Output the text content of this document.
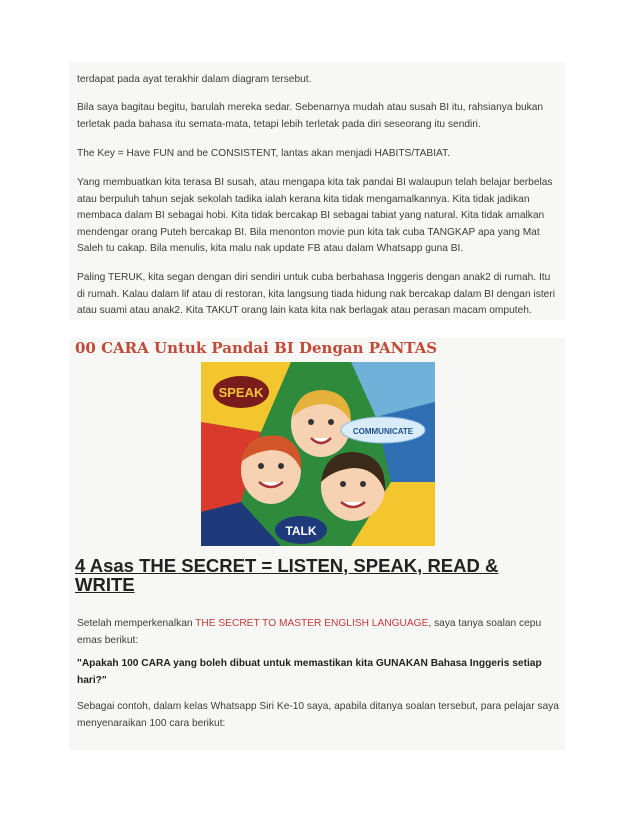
terdapat pada ayat terakhir dalam diagram tersebut.

Bila saya bagitau begitu, barulah mereka sedar. Sebenarnya mudah atau susah BI itu, rahsianya bukan terletak pada bahasa itu semata-mata, tetapi lebih terletak pada diri seseorang itu sendiri.

The Key = Have FUN and be CONSISTENT, lantas akan menjadi HABITS/TABIAT.

Yang membuatkan kita terasa BI susah, atau mengapa kita tak pandai BI walaupun telah belajar berbelas atau berpuluh tahun sejak sekolah tadika ialah kerana kita tidak mengamalkannya. Kita tidak jadikan membaca dalam BI sebagai hobi. Kita tidak bercakap BI sebagai tabiat yang natural. Kita tidak amalkan mendengar orang Puteh bercakap BI. Bila menonton movie pun kita tak cuba TANGKAP apa yang Mat Saleh tu cakap. Bila menulis, kita malu nak update FB atau dalam Whatsapp guna BI.

Paling TERUK, kita segan dengan diri sendiri untuk cuba berbahasa Inggeris dengan anak2 di rumah. Itu di rumah. Kalau dalam lif atau di restoran, kita langsung tiada hidung nak bercakap dalam BI dengan isteri atau suami atau anak2. Kita TAKUT orang lain kata kita nak berlagak atau perasan macam omputeh.

00 CARA Untuk Pandai BI Dengan PANTAS
SPEAK
COMMUNICATE
TALK
4 Asas THE SECRET = LISTEN, SPEAK, READ & WRITE

Setelah memperkenalkan THE SECRET TO MASTER ENGLISH LANGUAGE, saya tanya soalan cepu emas berikut:

"Apakah 100 CARA yang boleh dibuat untuk memastikan kita GUNAKAN Bahasa Inggeris setiap hari?"

Sebagai contoh, dalam kelas Whatsapp Siri Ke-10 saya, apabila ditanya soalan tersebut, para pelajar saya menyenaraikan 100 cara berikut:
